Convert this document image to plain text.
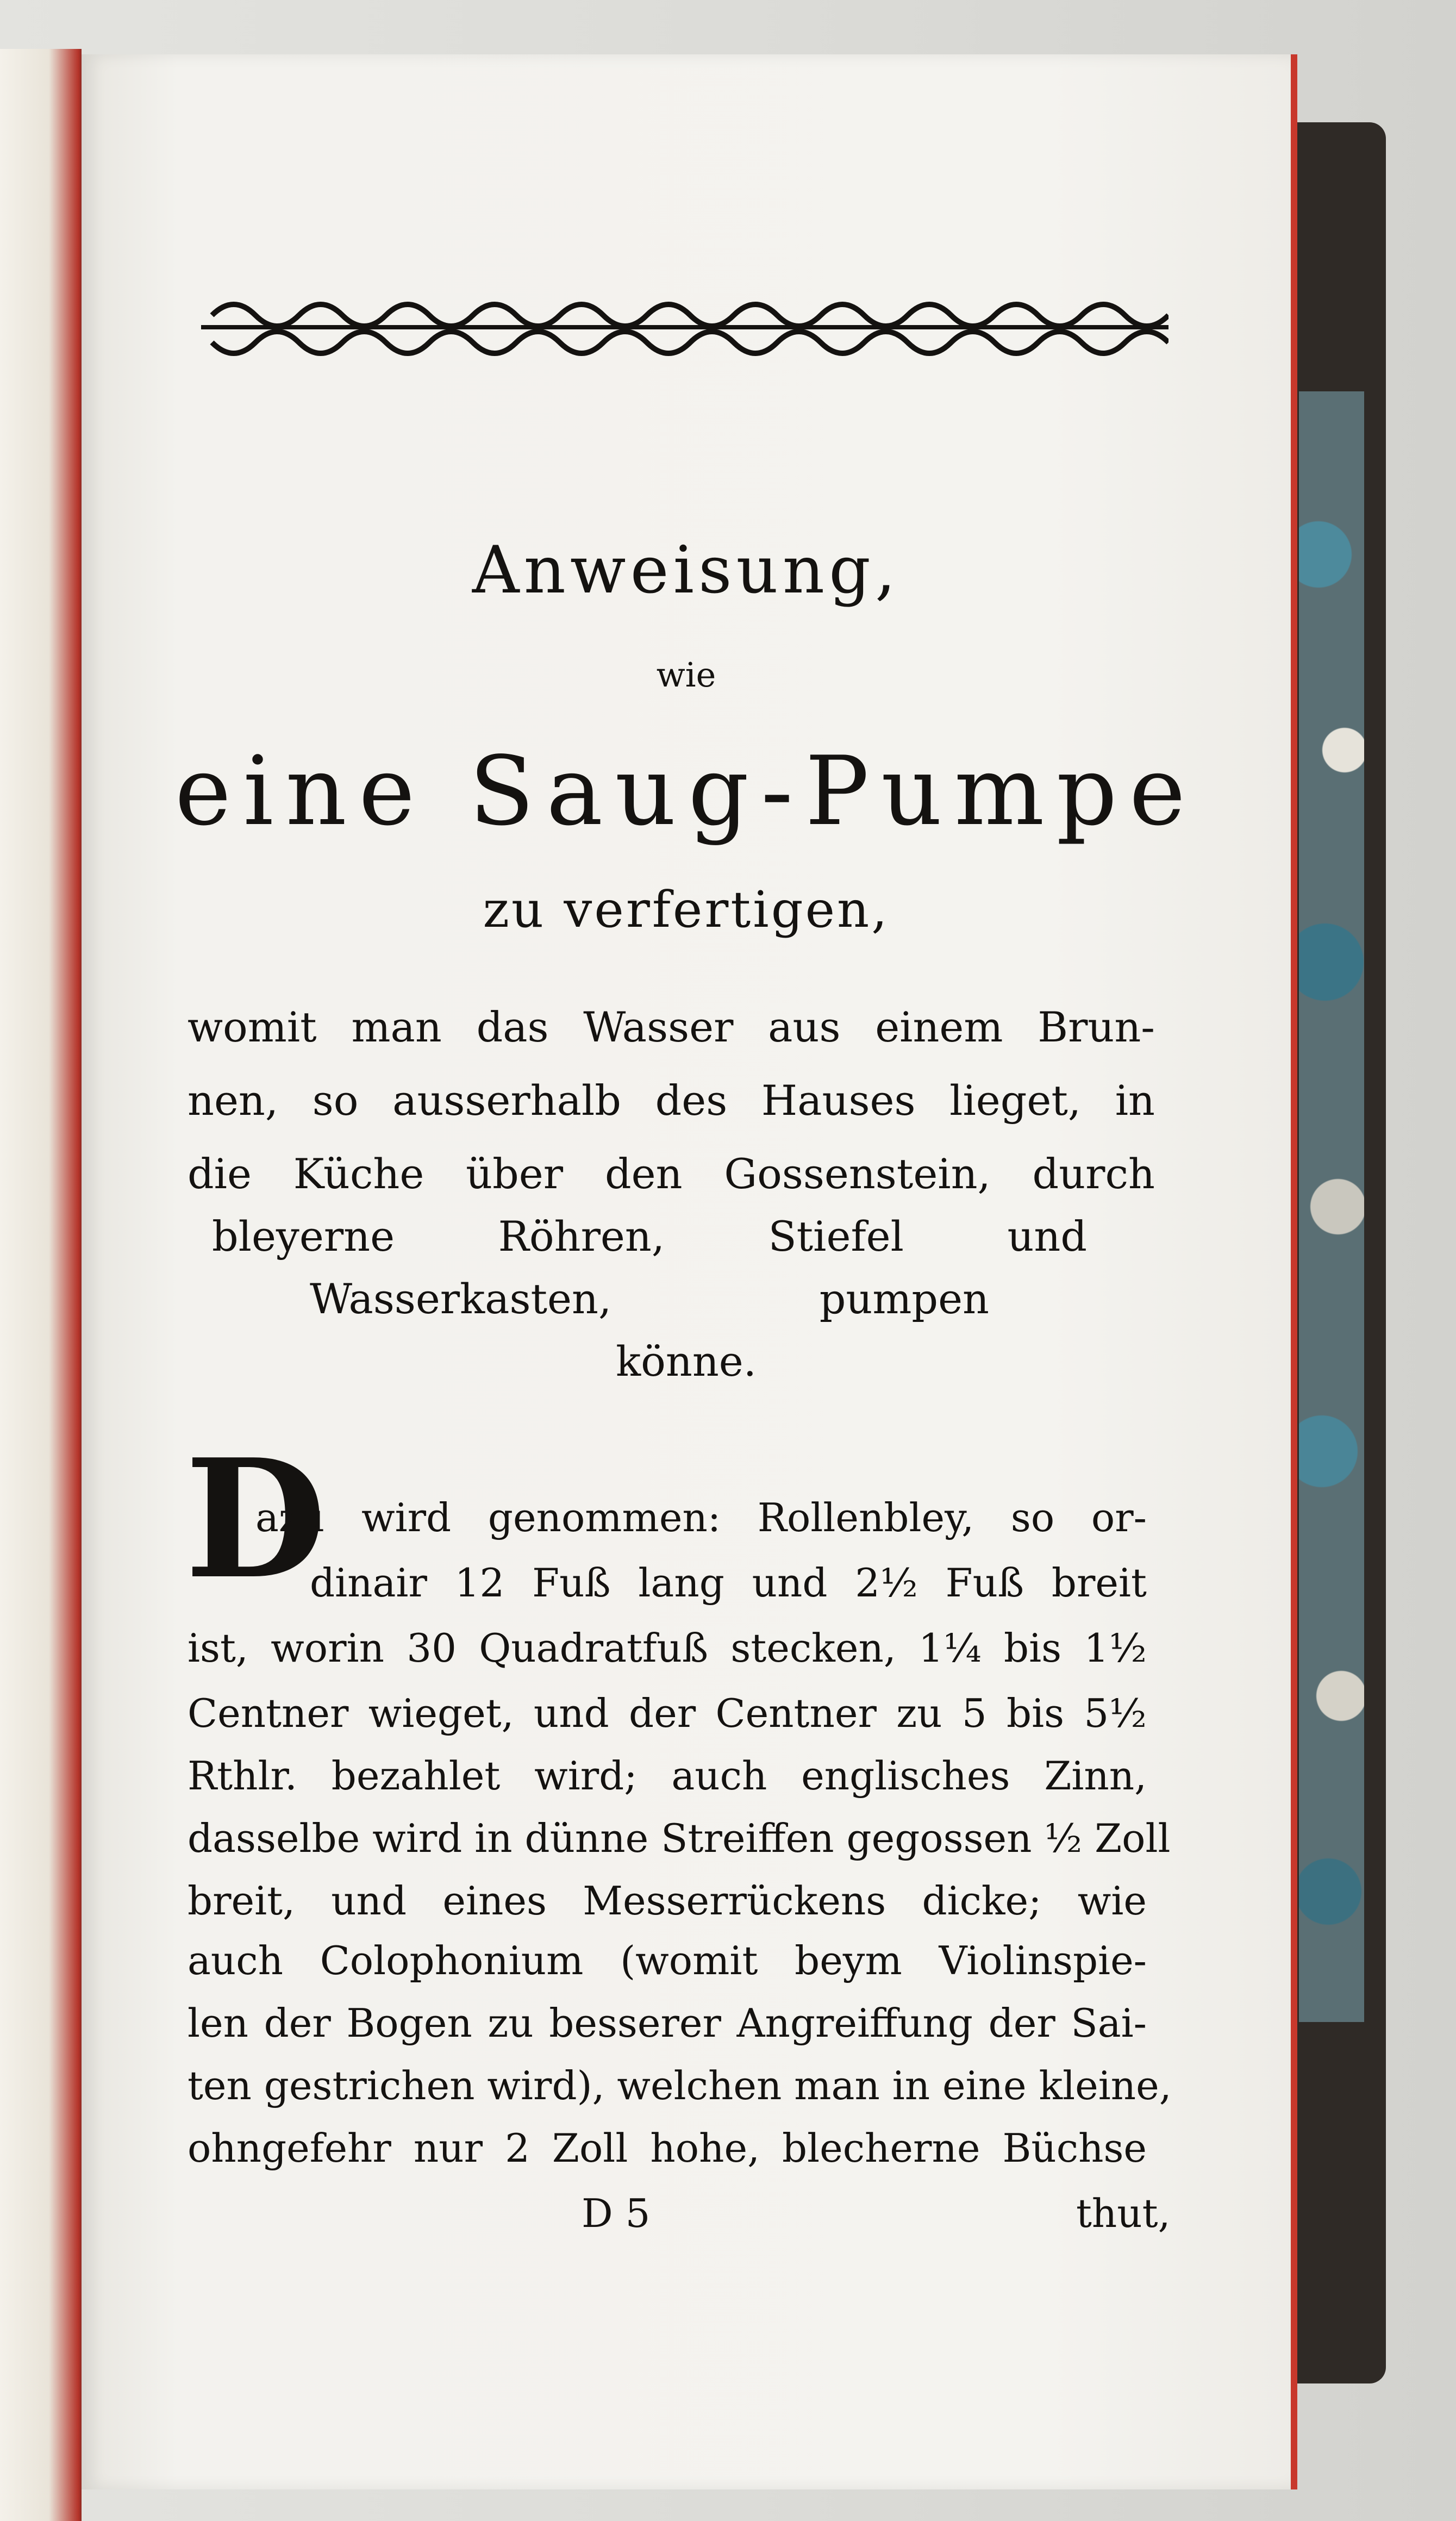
Anweisung,
wie
eine Saug-Pumpe
zu verfertigen,
womit man das Wasser aus einem Brun-
nen, so ausserhalb des Hauses lieget, in
die Küche über den Gossenstein, durch
bleyerne Röhren, Stiefel und
Wasserkasten, pumpen
könne.
D
azu wird genommen: Rollenbley, so or-
dinair 12 Fuß lang und 2½ Fuß breit
ist, worin 30 Quadratfuß stecken, 1¼ bis 1½
Centner wieget, und der Centner zu 5 bis 5½
Rthlr. bezahlet wird; auch englisches Zinn,
dasselbe wird in dünne Streiffen gegossen ½ Zoll
breit, und eines Messerrückens dicke; wie
auch Colophonium (womit beym Violinspie-
len der Bogen zu besserer Angreiffung der Sai-
ten gestrichen wird), welchen man in eine kleine,
ohngefehr nur 2 Zoll hohe, blecherne Büchse
D 5	thut,
